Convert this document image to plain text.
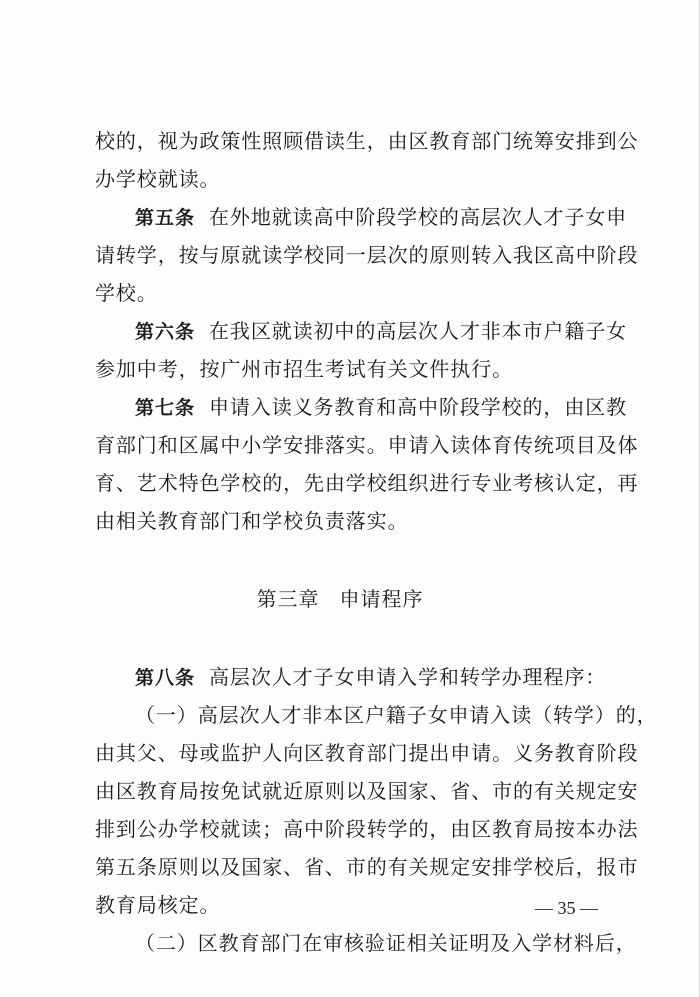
校的，视为政策性照顾借读生，由区教育部门统筹安排到公
办学校就读。
第五条 在外地就读高中阶段学校的高层次人才子女申
请转学，按与原就读学校同一层次的原则转入我区高中阶段
学校。
第六条 在我区就读初中的高层次人才非本市户籍子女
参加中考，按广州市招生考试有关文件执行。
第七条 申请入读义务教育和高中阶段学校的，由区教
育部门和区属中小学安排落实。申请入读体育传统项目及体
育、艺术特色学校的，先由学校组织进行专业考核认定，再
由相关教育部门和学校负责落实。
第三章 申请程序
第八条 高层次人才子女申请入学和转学办理程序：
（一）高层次人才非本区户籍子女申请入读（转学）的，
由其父、母或监护人向区教育部门提出申请。义务教育阶段
由区教育局按免试就近原则以及国家、省、市的有关规定安
排到公办学校就读；高中阶段转学的，由区教育局按本办法
第五条原则以及国家、省、市的有关规定安排学校后，报市
教育局核定。
（二）区教育部门在审核验证相关证明及入学材料后，
— 35 —
